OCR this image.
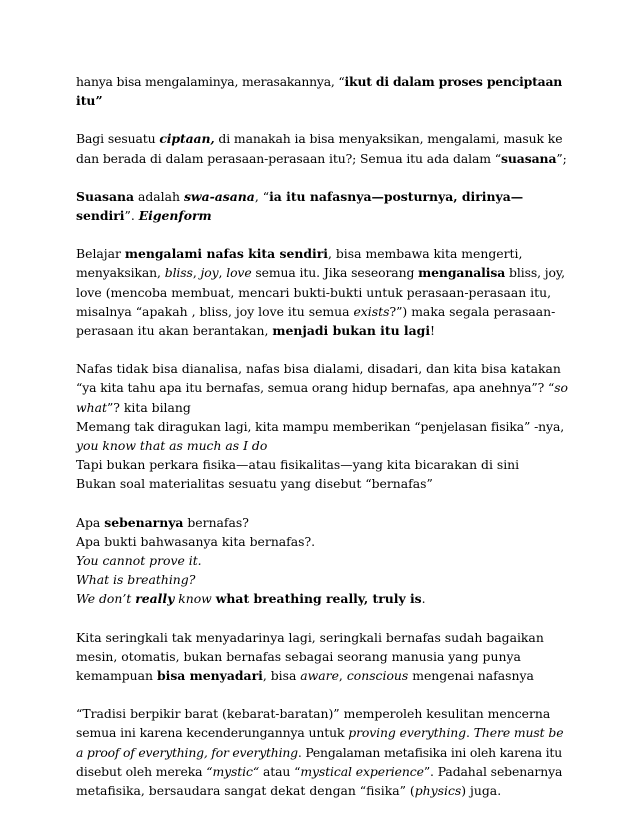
hanya bisa mengalaminya, merasakannya, “ikut di dalam proses penciptaan
itu”

Bagi sesuatu ciptaan, di manakah ia bisa menyaksikan, mengalami, masuk ke
dan berada di dalam perasaan-perasaan itu?; Semua itu ada dalam “suasana”;

Suasana adalah swa-asana, “ia itu nafasnya—posturnya, dirinya—
sendiri”. Eigenform

Belajar mengalami nafas kita sendiri, bisa membawa kita mengerti,
menyaksikan, bliss, joy, love semua itu. Jika seseorang menganalisa bliss, joy,
love (mencoba membuat, mencari bukti-bukti untuk perasaan-perasaan itu,
misalnya “apakah , bliss, joy love itu semua exists?”) maka segala perasaan-
perasaan itu akan berantakan, menjadi bukan itu lagi!

Nafas tidak bisa dianalisa, nafas bisa dialami, disadari, dan kita bisa katakan
“ya kita tahu apa itu bernafas, semua orang hidup bernafas, apa anehnya”? “so
what”? kita bilang
Memang tak diragukan lagi, kita mampu memberikan “penjelasan fisika” -nya,
you know that as much as I do
Tapi bukan perkara fisika—atau fisikalitas—yang kita bicarakan di sini
Bukan soal materialitas sesuatu yang disebut “bernafas”

Apa sebenarnya bernafas?
Apa bukti bahwasanya kita bernafas?.
You cannot prove it.
What is breathing?
We don’t really know what breathing really, truly is.

Kita seringkali tak menyadarinya lagi, seringkali bernafas sudah bagaikan
mesin, otomatis, bukan bernafas sebagai seorang manusia yang punya
kemampuan bisa menyadari, bisa aware, conscious mengenai nafasnya

“Tradisi berpikir barat (kebarat-baratan)” memperoleh kesulitan mencerna
semua ini karena kecenderungannya untuk proving everything. There must be
a proof of everything, for everything. Pengalaman metafisika ini oleh karena itu
disebut oleh mereka “mystic“ atau “mystical experience”. Padahal sebenarnya
metafisika, bersaudara sangat dekat dengan “fisika” (physics) juga.
